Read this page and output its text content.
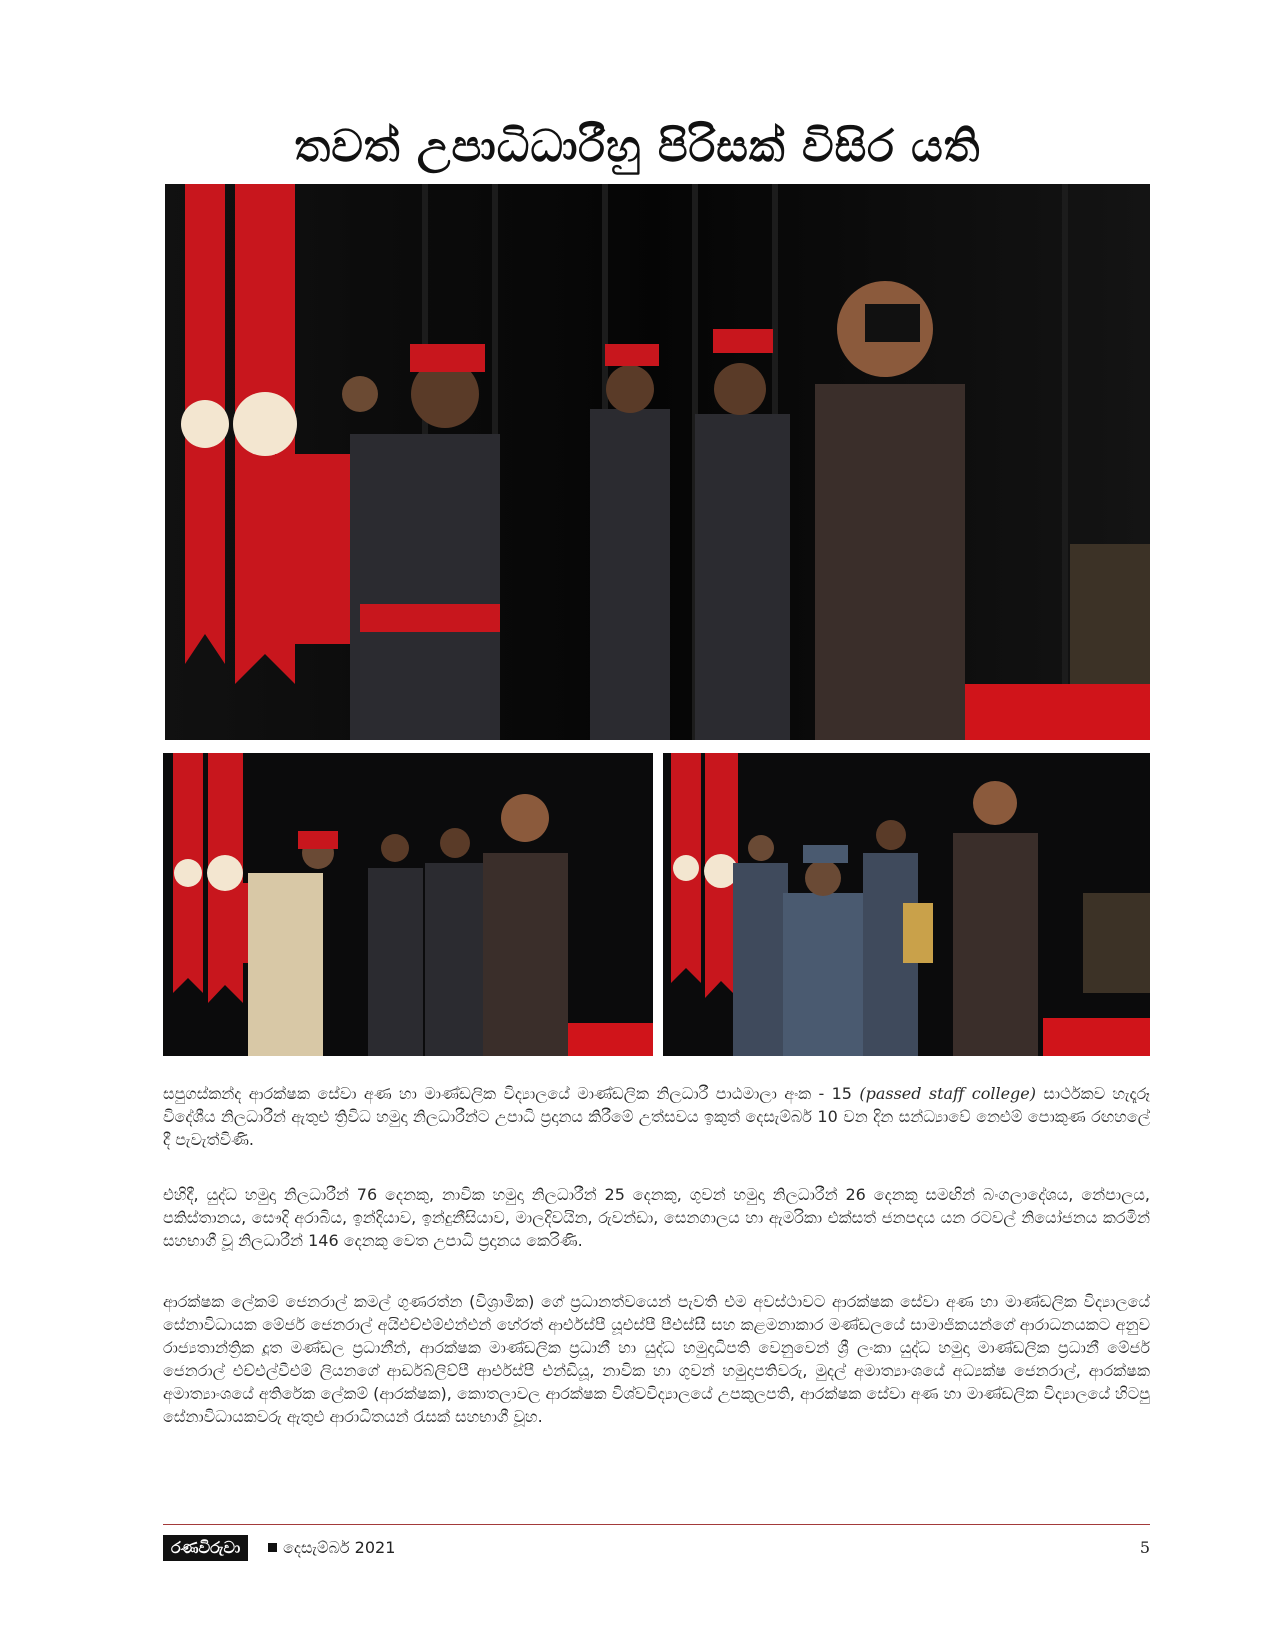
තවත් උපාධිධාරීහු පිරිසක් විසිර යති
සපුගස්කන්ද ආරක්ෂක සේවා අණ හා මාණ්ඩලික විද්‍යාලයේ මාණ්ඩලික නිලධාරී පාඨමාලා අංක - 15 (passed staff college) සාර්ථකව හැදෑරූ විදේශීය නිලධාරීන් ඇතුළු ත්‍රිවිධ හමුදා නිලධාරීන්ට උපාධි ප්‍රදානය කිරීමේ උත්සවය ඉකුත් දෙසැම්බර් 10 වන දින සන්ධ්‍යාවේ නෙළුම් පොකුණ රඟහලේ දී පැවැත්විණි.
එහිදී, යුද්ධ හමුදා නිලධාරීන් 76 දෙනකු, නාවික හමුදා නිලධාරීන් 25 දෙනකු, ගුවන් හමුදා නිලධාරීන් 26 දෙනකු සමඟින් බංගලාදේශය, නේපාලය, පකිස්තානය, සෞදි අරාබිය, ඉන්දියාව, ඉන්දුනීසියාව, මාලදිවයින, රුවන්ඩා, සෙනගාලය හා ඇමරිකා එක්සත් ජනපදය යන රටවල් නියෝජනය කරමින් සහභාගී වූ නිලධාරීන් 146 දෙනකු වෙත උපාධි ප්‍රදානය කෙරිණි.
ආරක්ෂක ලේකම් ජෙනරාල් කමල් ගුණරත්න (විශ්‍රාමික) ගේ ප්‍රධානත්වයෙන් පැවති එම අවස්ථාවට ආරක්ෂක සේවා අණ හා මාණ්ඩලික විද්‍යාලයේ සේනාවිධායක මේජර් ජෙනරාල් අයිඑච්එම්එන්එන් හේරත් ආර්එස්පී යූඑස්පී පීඑස්සී සහ කළමනාකාර මණ්ඩලයේ සාමාජිකයන්ගේ ආරාධනයකට අනුව රාජ්‍යතාන්ත්‍රික දූත මණ්ඩල ප්‍රධානීන්, ආරක්ෂක මාණ්ඩලික ප්‍රධානී හා යුද්ධ හමුදාධිපති වෙනුවෙන් ශ්‍රී ලංකා යුද්ධ හමුදා මාණ්ඩලික ප්‍රධානී මේජර් ජෙනරාල් එච්එල්වීඑම් ලියනගේ ආර්ඩබ්ලිව්පී ආර්එස්පී එන්ඩියූ, නාවික හා ගුවන් හමුදාපතිවරු, මුදල් අමාත්‍යාංශයේ අධ්‍යක්ෂ ජෙනරාල්, ආරක්ෂක අමාත්‍යාංශයේ අතිරේක ලේකම් (ආරක්ෂක), කොතලාවල ආරක්ෂක විශ්වවිද්‍යාලයේ උපකුලපති, ආරක්ෂක සේවා අණ හා මාණ්ඩලික විද්‍යාලයේ හිටපු සේනාවිධායකවරු ඇතුළු ආරාධිතයන් රැසක් සහභාගී වූහ.
රණවිරුවා	දෙසැම්බර් 2021	5
